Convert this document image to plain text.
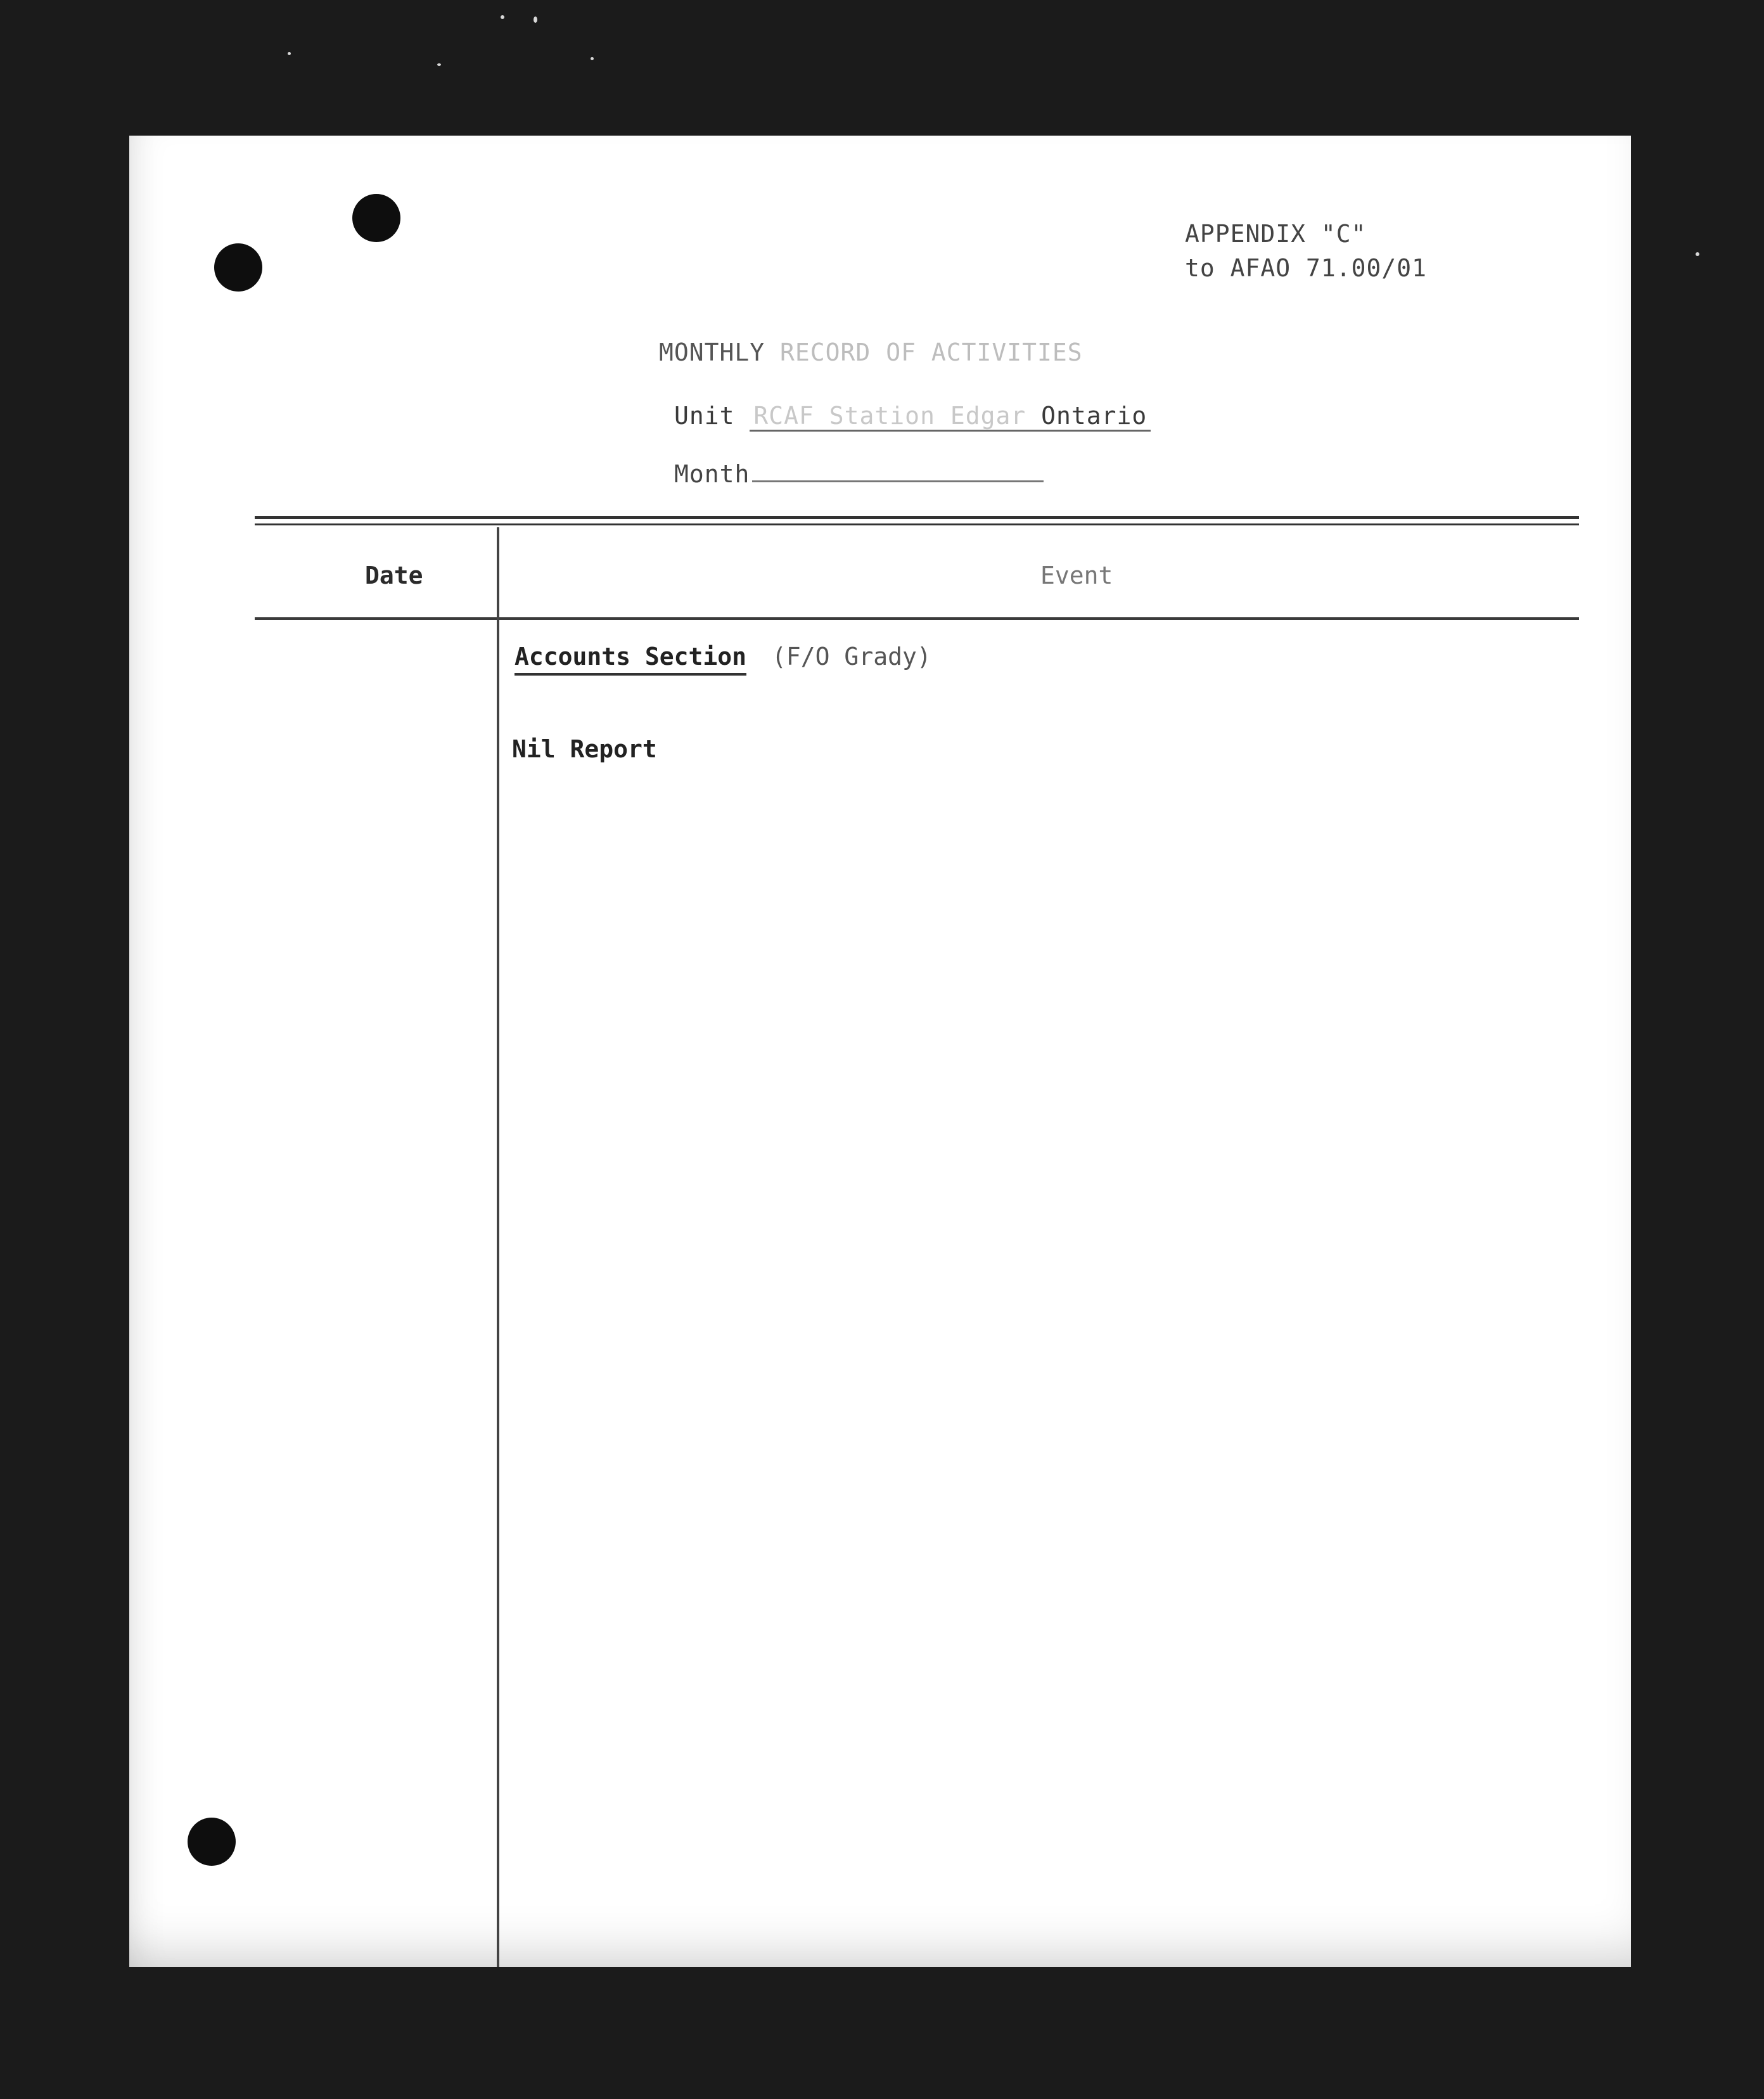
APPENDIX "C"
to AFAO 71.00/01
MONTHLY RECORD OF ACTIVITIES
Unit RCAF Station Edgar Ontario
Month
Date	Event
Accounts Section (F/O Grady)
Nil Report
